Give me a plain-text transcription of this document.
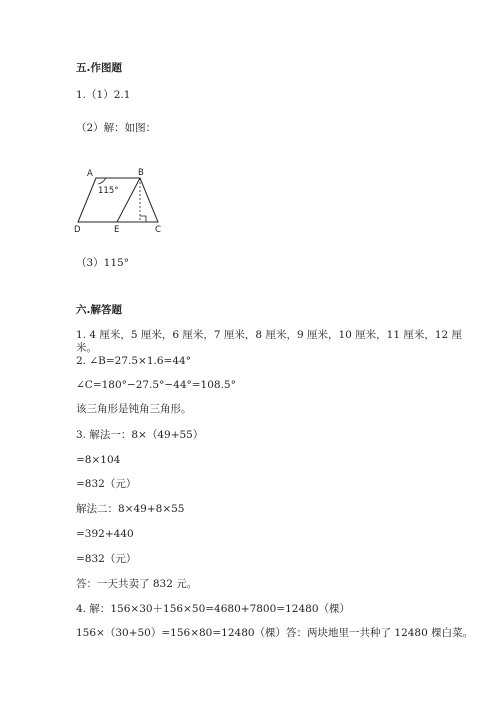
五.作图题
1.（1）2.1
（2）解：如图：
A	B
C
D	E
115°
（3）115°
六.解答题
1. 4 厘米，5 厘米，6 厘米，7 厘米，8 厘米，9 厘米，10 厘米，11 厘米，12 厘
米。
2. ∠B=27.5×1.6=44°
∠C=180°−27.5°−44°=108.5°
该三角形是钝角三角形。
3. 解法一：8×（49+55）
=8×104
=832（元）
解法二：8×49+8×55
=392+440
=832（元）
答：一天共卖了 832 元。
4. 解：156×30＋156×50=4680+7800=12480（棵）
156×（30+50）=156×80=12480（棵）答：两块地里一共种了 12480 棵白菜。
